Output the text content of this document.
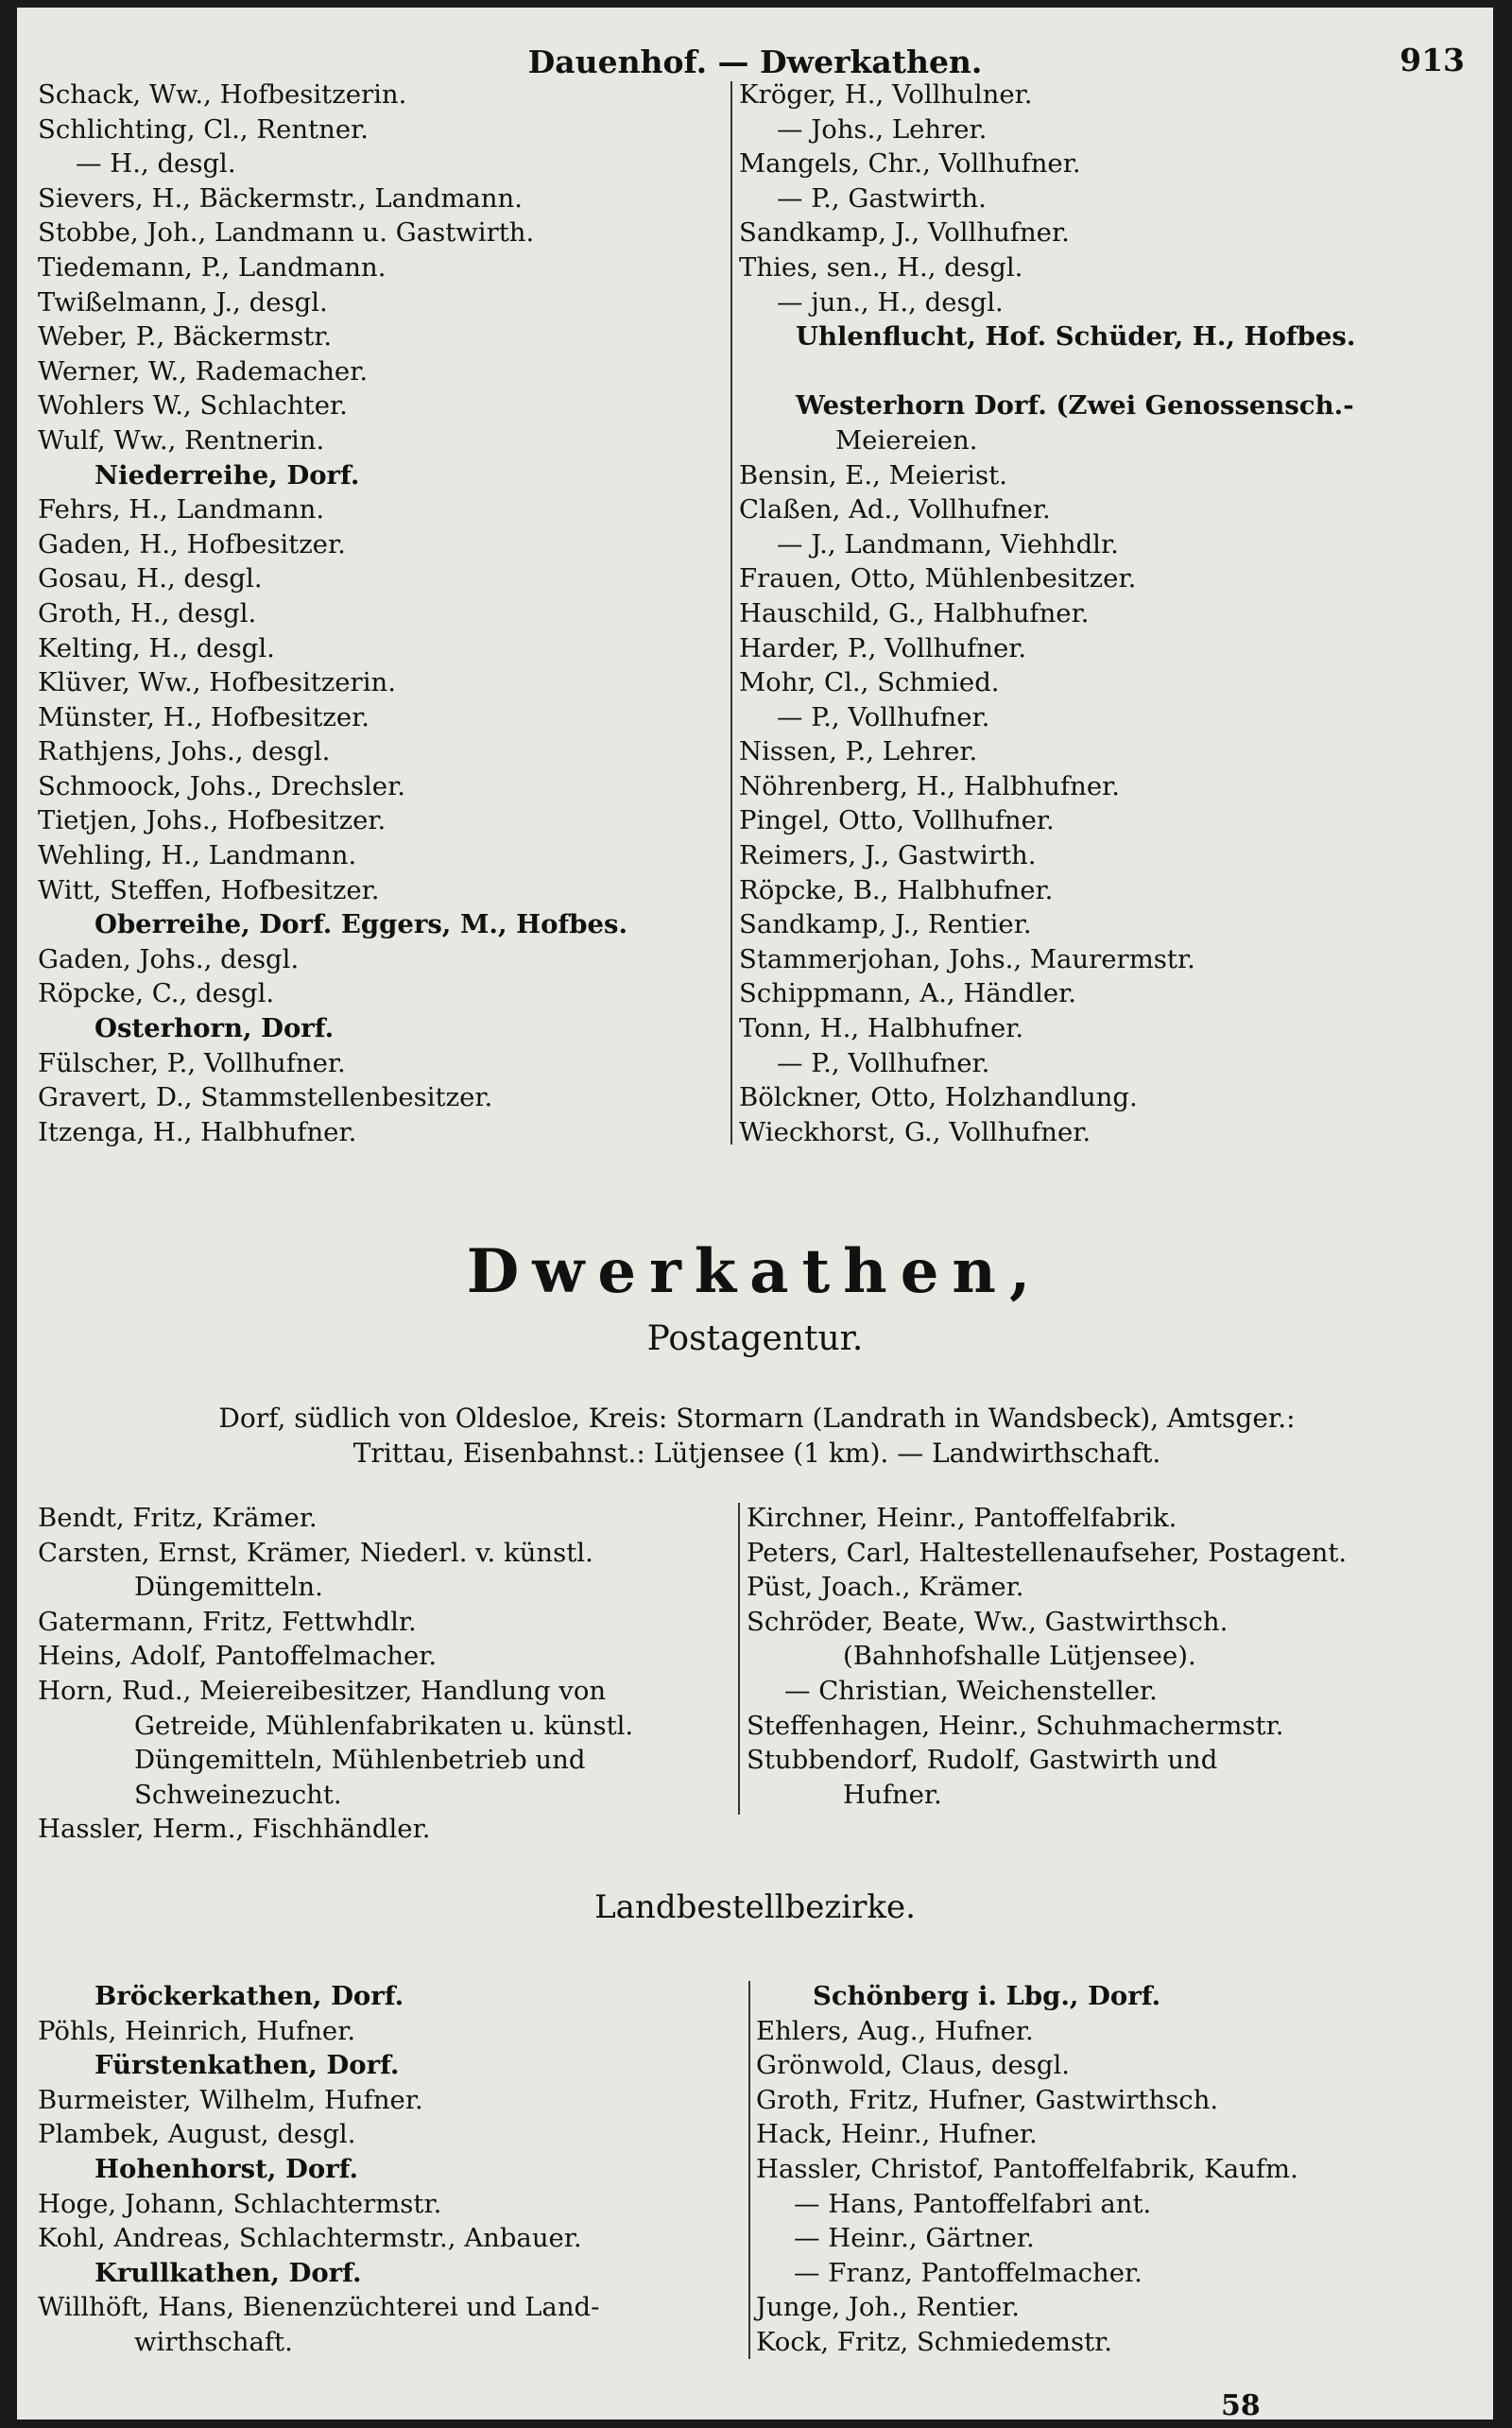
Dauenhof. — Dwerkathen.	913
Schack, Ww., Hofbesitzerin.
Schlichting, Cl., Rentner.
— H., desgl.
Sievers, H., Bäckermstr., Landmann.
Stobbe, Joh., Landmann u. Gastwirth.
Tiedemann, P., Landmann.
Twißelmann, J., desgl.
Weber, P., Bäckermstr.
Werner, W., Rademacher.
Wohlers W., Schlachter.
Wulf, Ww., Rentnerin.
Niederreihe, Dorf.
Fehrs, H., Landmann.
Gaden, H., Hofbesitzer.
Gosau, H., desgl.
Groth, H., desgl.
Kelting, H., desgl.
Klüver, Ww., Hofbesitzerin.
Münster, H., Hofbesitzer.
Rathjens, Johs., desgl.
Schmoock, Johs., Drechsler.
Tietjen, Johs., Hofbesitzer.
Wehling, H., Landmann.
Witt, Steffen, Hofbesitzer.
Oberreihe, Dorf. Eggers, M., Hofbes.
Gaden, Johs., desgl.
Röpcke, C., desgl.
Osterhorn, Dorf.
Fülscher, P., Vollhufner.
Gravert, D., Stammstellenbesitzer.
Itzenga, H., Halbhufner.
Kröger, H., Vollhulner.
— Johs., Lehrer.
Mangels, Chr., Vollhufner.
— P., Gastwirth.
Sandkamp, J., Vollhufner.
Thies, sen., H., desgl.
— jun., H., desgl.
Uhlenflucht, Hof. Schüder, H., Hofbes.
Westerhorn Dorf. (Zwei Genossensch.-
Meiereien.
Bensin, E., Meierist.
Claßen, Ad., Vollhufner.
— J., Landmann, Viehhdlr.
Frauen, Otto, Mühlenbesitzer.
Hauschild, G., Halbhufner.
Harder, P., Vollhufner.
Mohr, Cl., Schmied.
— P., Vollhufner.
Nissen, P., Lehrer.
Nöhrenberg, H., Halbhufner.
Pingel, Otto, Vollhufner.
Reimers, J., Gastwirth.
Röpcke, B., Halbhufner.
Sandkamp, J., Rentier.
Stammerjohan, Johs., Maurermstr.
Schippmann, A., Händler.
Tonn, H., Halbhufner.
— P., Vollhufner.
Bölckner, Otto, Holzhandlung.
Wieckhorst, G., Vollhufner.
Dwerkathen,
Postagentur.
Dorf, südlich von Oldesloe, Kreis: Stormarn (Landrath in Wandsbeck), Amtsger.:
Trittau, Eisenbahnst.: Lütjensee (1 km). — Landwirthschaft.
Bendt, Fritz, Krämer.
Carsten, Ernst, Krämer, Niederl. v. künstl.
Düngemitteln.
Gatermann, Fritz, Fettwhdlr.
Heins, Adolf, Pantoffelmacher.
Horn, Rud., Meiereibesitzer, Handlung von
Getreide, Mühlenfabrikaten u. künstl.
Düngemitteln, Mühlenbetrieb und
Schweinezucht.
Hassler, Herm., Fischhändler.
Kirchner, Heinr., Pantoffelfabrik.
Peters, Carl, Haltestellenaufseher, Postagent.
Püst, Joach., Krämer.
Schröder, Beate, Ww., Gastwirthsch.
(Bahnhofshalle Lütjensee).
— Christian, Weichensteller.
Steffenhagen, Heinr., Schuhmachermstr.
Stubbendorf, Rudolf, Gastwirth und
Hufner.
Landbestellbezirke.
Bröckerkathen, Dorf.
Pöhls, Heinrich, Hufner.
Fürstenkathen, Dorf.
Burmeister, Wilhelm, Hufner.
Plambek, August, desgl.
Hohenhorst, Dorf.
Hoge, Johann, Schlachtermstr.
Kohl, Andreas, Schlachtermstr., Anbauer.
Krullkathen, Dorf.
Willhöft, Hans, Bienenzüchterei und Land-
wirthschaft.
Schönberg i. Lbg., Dorf.
Ehlers, Aug., Hufner.
Grönwold, Claus, desgl.
Groth, Fritz, Hufner, Gastwirthsch.
Hack, Heinr., Hufner.
Hassler, Christof, Pantoffelfabrik, Kaufm.
— Hans, Pantoffelfabri ant.
— Heinr., Gärtner.
— Franz, Pantoffelmacher.
Junge, Joh., Rentier.
Kock, Fritz, Schmiedemstr.
58
